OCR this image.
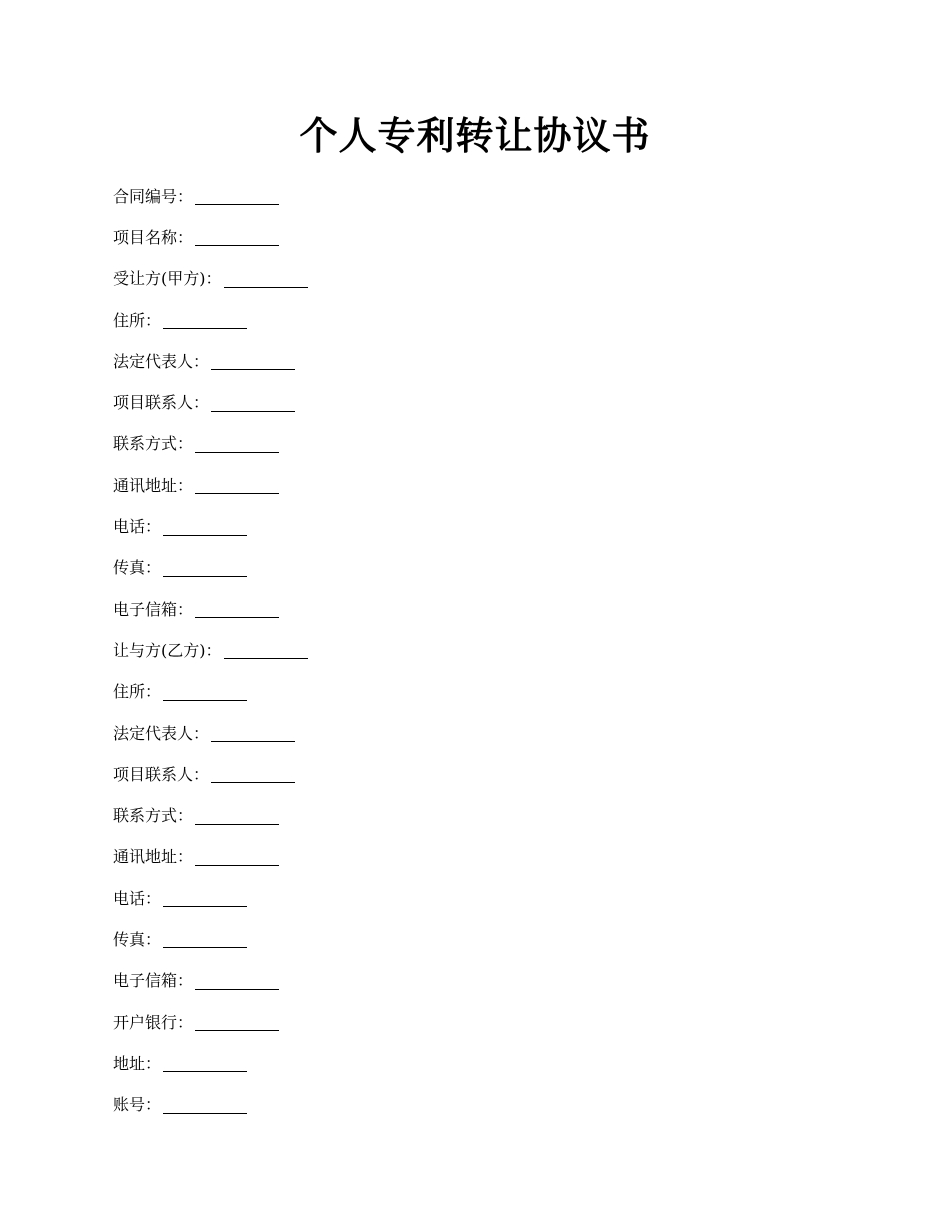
个人专利转让协议书
合同编号：
项目名称：
受让方(甲方)：
住所：
法定代表人：
项目联系人：
联系方式：
通讯地址：
电话：
传真：
电子信箱：
让与方(乙方)：
住所：
法定代表人：
项目联系人：
联系方式：
通讯地址：
电话：
传真：
电子信箱：
开户银行：
地址：
账号：
